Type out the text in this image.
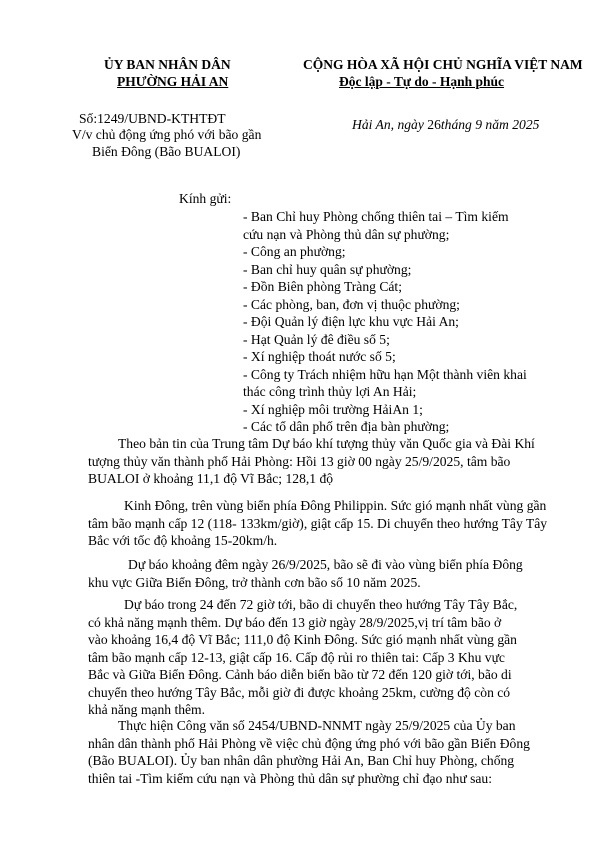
ỦY BAN NHÂN DÂN
PHƯỜNG HẢI AN
Số:1249/UBND-KTHTĐT
V/v chủ động ứng phó với bão gần
Biển Đông (Bão BUALOI)
CỘNG HÒA XÃ HỘI CHỦ NGHĨA VIỆT NAM
Độc lập - Tự do - Hạnh phúc
Hải An, ngày 26tháng 9 năm 2025
Kính gửi:
- Ban Chỉ huy Phòng chống thiên tai – Tìm kiếm
cứu nạn và Phòng thủ dân sự phường;
- Công an phường;
- Ban chỉ huy quân sự phường;
- Đồn Biên phòng Tràng Cát;
- Các phòng, ban, đơn vị thuộc phường;
- Đội Quản lý điện lực khu vực Hải An;
- Hạt Quản lý đê điều số 5;
- Xí nghiệp thoát nước số 5;
- Công ty Trách nhiệm hữu hạn Một thành viên khai
thác công trình thủy lợi An Hải;
- Xí nghiệp môi trường HảiAn 1;
- Các tổ dân phố trên địa bàn phường;
Theo bản tin của Trung tâm Dự báo khí tượng thủy văn Quốc gia và Đài Khí
tượng thủy văn thành phố Hải Phòng: Hồi 13 giờ 00 ngày 25/9/2025, tâm bão
BUALOI ở khoảng 11,1 độ Vĩ Bắc; 128,1 độ
Kinh Đông, trên vùng biển phía Đông Philippin. Sức gió mạnh nhất vùng gần
tâm bão mạnh cấp 12 (118- 133km/giờ), giật cấp 15. Di chuyển theo hướng Tây Tây
Bắc với tốc độ khoảng 15-20km/h.
Dự báo khoảng đêm ngày 26/9/2025, bão sẽ đi vào vùng biển phía Đông
khu vực Giữa Biển Đông, trở thành cơn bão số 10 năm 2025.
Dự báo trong 24 đến 72 giờ tới, bão di chuyển theo hướng Tây Tây Bắc,
có khả năng mạnh thêm. Dự báo đến 13 giờ ngày 28/9/2025,vị trí tâm bão ở
vào khoảng 16,4 độ Vĩ Bắc; 111,0 độ Kinh Đông. Sức gió mạnh nhất vùng gần
tâm bão mạnh cấp 12-13, giật cấp 16. Cấp độ rủi ro thiên tai: Cấp 3 Khu vực
Bắc và Giữa Biển Đông. Cảnh báo diễn biến bão từ 72 đến 120 giờ tới, bão di
chuyển theo hướng Tây Bắc, mỗi giờ đi được khoảng 25km, cường độ còn có
khả năng mạnh thêm.
Thực hiện Công văn số 2454/UBND-NNMT ngày 25/9/2025 của Ủy ban
nhân dân thành phố Hải Phòng về việc chủ động ứng phó với bão gần Biển Đông
(Bão BUALOI). Ủy ban nhân dân phường Hải An, Ban Chỉ huy Phòng, chống
thiên tai -Tìm kiếm cứu nạn và Phòng thủ dân sự phường chỉ đạo như sau:
